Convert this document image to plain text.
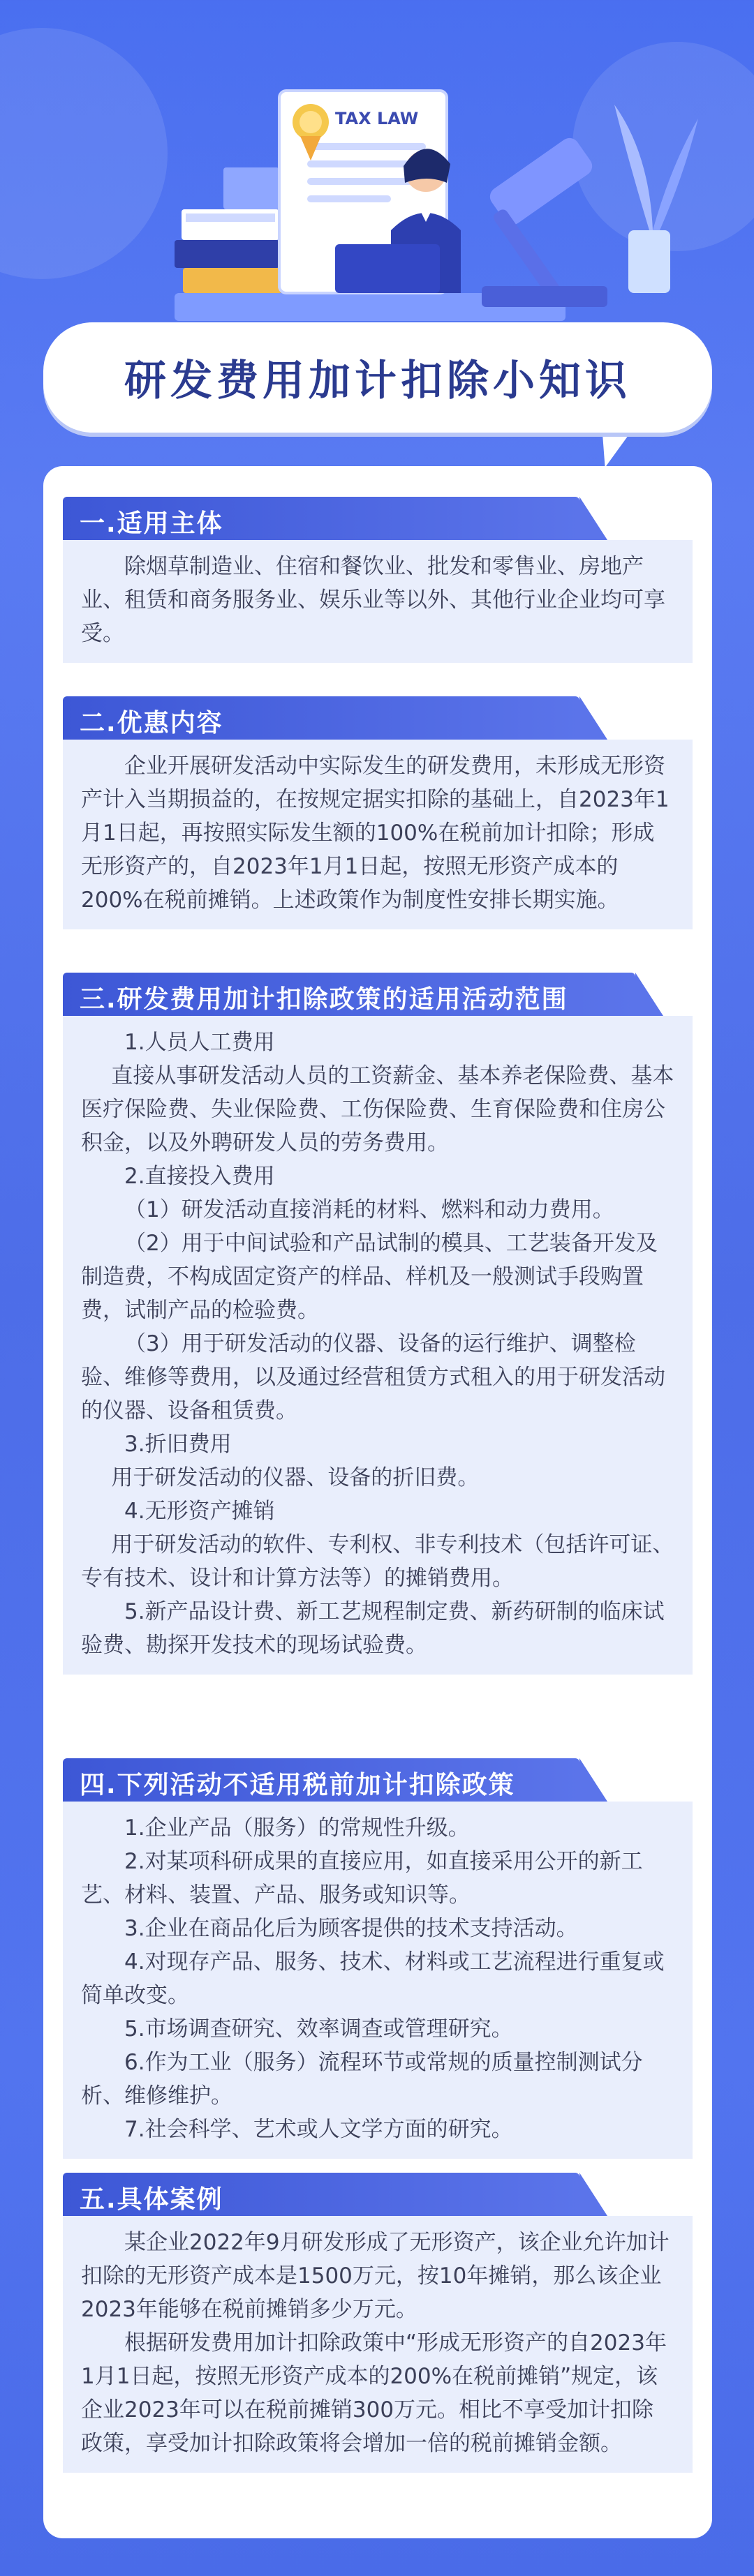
TAX LAW
研发费用加计扣除小知识
一.适用主体

除烟草制造业、住宿和餐饮业、批发和零售业、房地产业、租赁和商务服务业、娱乐业等以外、其他行业企业均可享受。

二.优惠内容

企业开展研发活动中实际发生的研发费用，未形成无形资产计入当期损益的，在按规定据实扣除的基础上，自2023年1月1日起，再按照实际发生额的100%在税前加计扣除；形成无形资产的，自2023年1月1日起，按照无形资产成本的200%在税前摊销。上述政策作为制度性安排长期实施。

三.研发费用加计扣除政策的适用活动范围

1.人员人工费用

直接从事研发活动人员的工资薪金、基本养老保险费、基本医疗保险费、失业保险费、工伤保险费、生育保险费和住房公积金，以及外聘研发人员的劳务费用。

2.直接投入费用

（1）研发活动直接消耗的材料、燃料和动力费用。

（2）用于中间试验和产品试制的模具、工艺装备开发及制造费，不构成固定资产的样品、样机及一般测试手段购置费，试制产品的检验费。

（3）用于研发活动的仪器、设备的运行维护、调整检验、维修等费用，以及通过经营租赁方式租入的用于研发活动的仪器、设备租赁费。

3.折旧费用

用于研发活动的仪器、设备的折旧费。

4.无形资产摊销

用于研发活动的软件、专利权、非专利技术（包括许可证、专有技术、设计和计算方法等）的摊销费用。

5.新产品设计费、新工艺规程制定费、新药研制的临床试验费、勘探开发技术的现场试验费。

四.下列活动不适用税前加计扣除政策

1.企业产品（服务）的常规性升级。

2.对某项科研成果的直接应用，如直接采用公开的新工艺、材料、装置、产品、服务或知识等。

3.企业在商品化后为顾客提供的技术支持活动。

4.对现存产品、服务、技术、材料或工艺流程进行重复或简单改变。

5.市场调查研究、效率调查或管理研究。

6.作为工业（服务）流程环节或常规的质量控制测试分析、维修维护。

7.社会科学、艺术或人文学方面的研究。

五.具体案例

某企业2022年9月研发形成了无形资产，该企业允许加计扣除的无形资产成本是1500万元，按10年摊销，那么该企业2023年能够在税前摊销多少万元。

根据研发费用加计扣除政策中“形成无形资产的自2023年1月1日起，按照无形资产成本的200%在税前摊销”规定，该企业2023年可以在税前摊销300万元。相比不享受加计扣除政策，享受加计扣除政策将会增加一倍的税前摊销金额。
